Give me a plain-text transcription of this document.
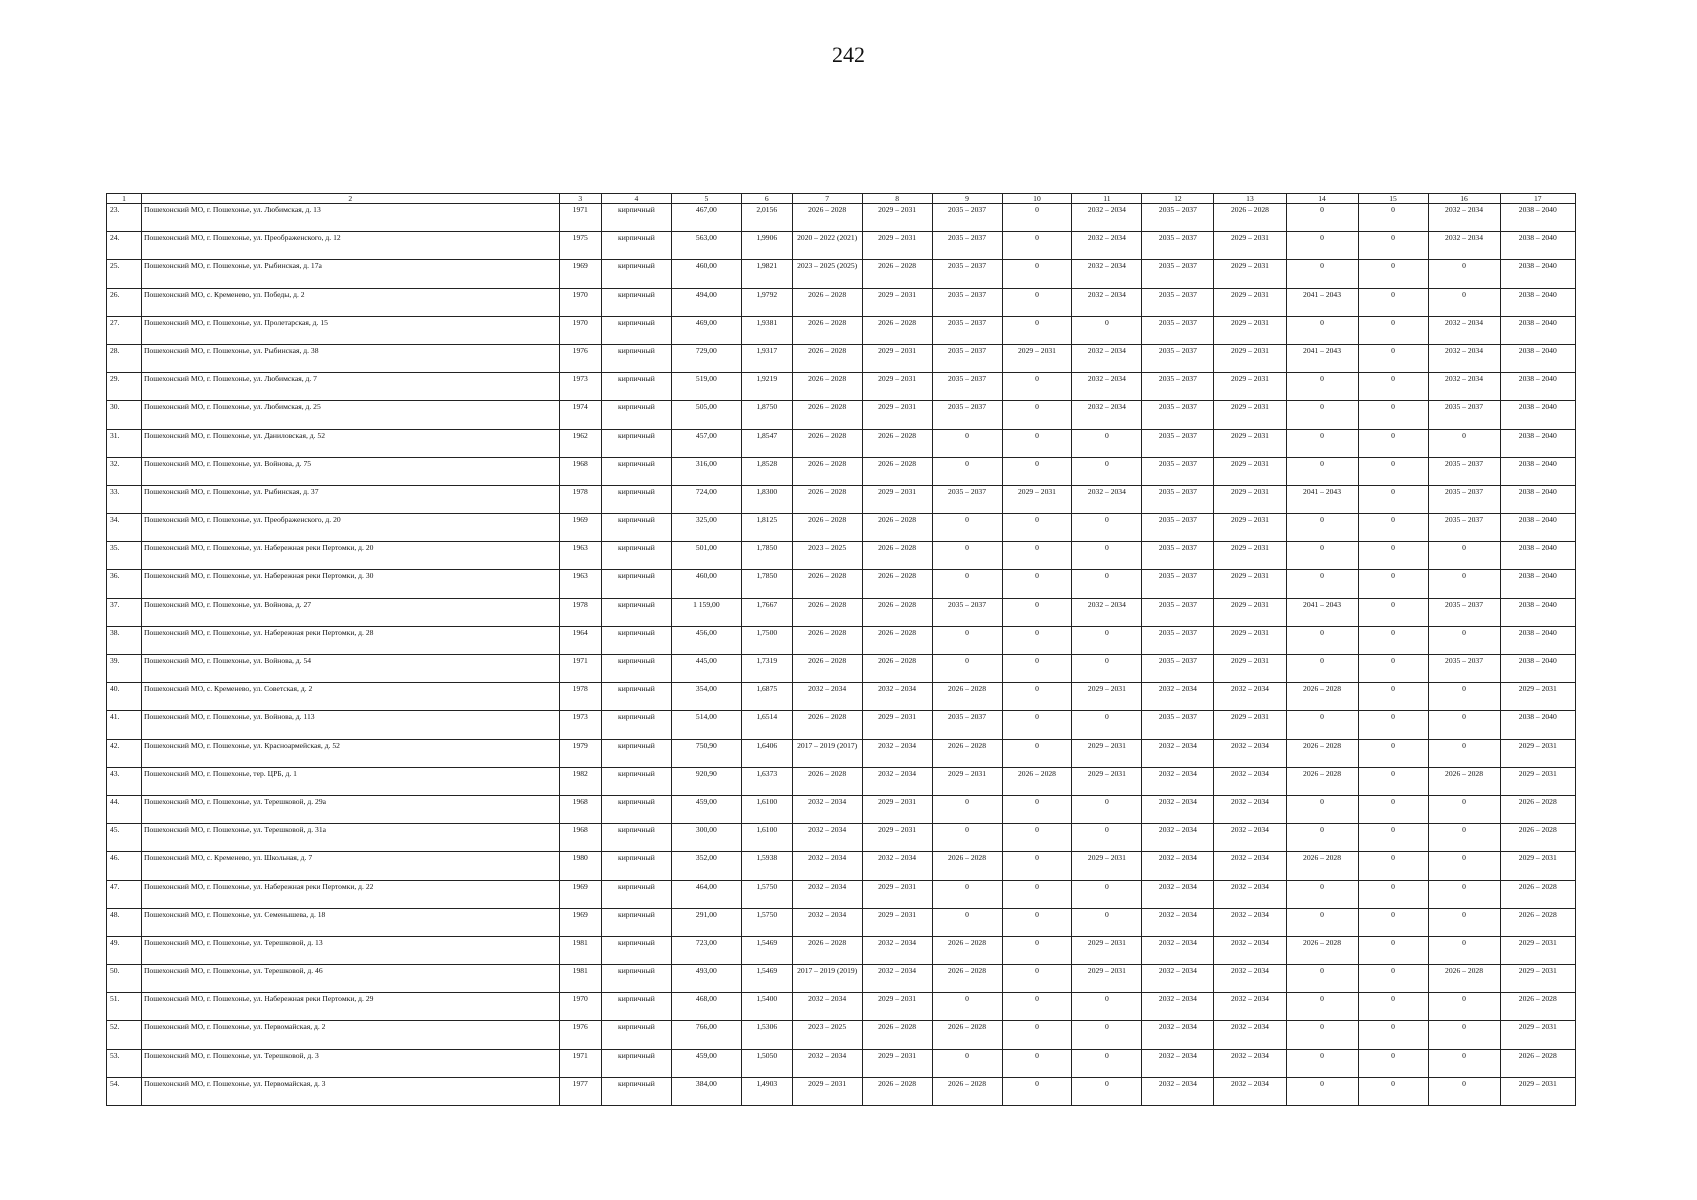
242
1	2	3	4	5	6	7	8	9	10	11	12	13	14	15	16	17
23.	Пошехонский МО, г. Пошехонье, ул. Любимская, д. 13	1971	кирпичный	467,00	2,0156	2026 – 2028	2029 – 2031	2035 – 2037	0	2032 – 2034	2035 – 2037	2026 – 2028	0	0	2032 – 2034	2038 – 2040
24.	Пошехонский МО, г. Пошехонье, ул. Преображенского, д. 12	1975	кирпичный	563,00	1,9906	2020 – 2022 (2021)	2029 – 2031	2035 – 2037	0	2032 – 2034	2035 – 2037	2029 – 2031	0	0	2032 – 2034	2038 – 2040
25.	Пошехонский МО, г. Пошехонье, ул. Рыбинская, д. 17а	1969	кирпичный	460,00	1,9821	2023 – 2025 (2025)	2026 – 2028	2035 – 2037	0	2032 – 2034	2035 – 2037	2029 – 2031	0	0	0	2038 – 2040
26.	Пошехонский МО, с. Кременево, ул. Победы, д. 2	1970	кирпичный	494,00	1,9792	2026 – 2028	2029 – 2031	2035 – 2037	0	2032 – 2034	2035 – 2037	2029 – 2031	2041 – 2043	0	0	2038 – 2040
27.	Пошехонский МО, г. Пошехонье, ул. Пролетарская, д. 15	1970	кирпичный	469,00	1,9381	2026 – 2028	2026 – 2028	2035 – 2037	0	0	2035 – 2037	2029 – 2031	0	0	2032 – 2034	2038 – 2040
28.	Пошехонский МО, г. Пошехонье, ул. Рыбинская, д. 38	1976	кирпичный	729,00	1,9317	2026 – 2028	2029 – 2031	2035 – 2037	2029 – 2031	2032 – 2034	2035 – 2037	2029 – 2031	2041 – 2043	0	2032 – 2034	2038 – 2040
29.	Пошехонский МО, г. Пошехонье, ул. Любимская, д. 7	1973	кирпичный	519,00	1,9219	2026 – 2028	2029 – 2031	2035 – 2037	0	2032 – 2034	2035 – 2037	2029 – 2031	0	0	2032 – 2034	2038 – 2040
30.	Пошехонский МО, г. Пошехонье, ул. Любимская, д. 25	1974	кирпичный	505,00	1,8750	2026 – 2028	2029 – 2031	2035 – 2037	0	2032 – 2034	2035 – 2037	2029 – 2031	0	0	2035 – 2037	2038 – 2040
31.	Пошехонский МО, г. Пошехонье, ул. Даниловская, д. 52	1962	кирпичный	457,00	1,8547	2026 – 2028	2026 – 2028	0	0	0	2035 – 2037	2029 – 2031	0	0	0	2038 – 2040
32.	Пошехонский МО, г. Пошехонье, ул. Войнова, д. 75	1968	кирпичный	316,00	1,8528	2026 – 2028	2026 – 2028	0	0	0	2035 – 2037	2029 – 2031	0	0	2035 – 2037	2038 – 2040
33.	Пошехонский МО, г. Пошехонье, ул. Рыбинская, д. 37	1978	кирпичный	724,00	1,8300	2026 – 2028	2029 – 2031	2035 – 2037	2029 – 2031	2032 – 2034	2035 – 2037	2029 – 2031	2041 – 2043	0	2035 – 2037	2038 – 2040
34.	Пошехонский МО, г. Пошехонье, ул. Преображенского, д. 20	1969	кирпичный	325,00	1,8125	2026 – 2028	2026 – 2028	0	0	0	2035 – 2037	2029 – 2031	0	0	2035 – 2037	2038 – 2040
35.	Пошехонский МО, г. Пошехонье, ул. Набережная реки Пертомки, д. 20	1963	кирпичный	501,00	1,7850	2023 – 2025	2026 – 2028	0	0	0	2035 – 2037	2029 – 2031	0	0	0	2038 – 2040
36.	Пошехонский МО, г. Пошехонье, ул. Набережная реки Пертомки, д. 30	1963	кирпичный	460,00	1,7850	2026 – 2028	2026 – 2028	0	0	0	2035 – 2037	2029 – 2031	0	0	0	2038 – 2040
37.	Пошехонский МО, г. Пошехонье, ул. Войнова, д. 27	1978	кирпичный	1 159,00	1,7667	2026 – 2028	2026 – 2028	2035 – 2037	0	2032 – 2034	2035 – 2037	2029 – 2031	2041 – 2043	0	2035 – 2037	2038 – 2040
38.	Пошехонский МО, г. Пошехонье, ул. Набережная реки Пертомки, д. 28	1964	кирпичный	456,00	1,7500	2026 – 2028	2026 – 2028	0	0	0	2035 – 2037	2029 – 2031	0	0	0	2038 – 2040
39.	Пошехонский МО, г. Пошехонье, ул. Войнова, д. 54	1971	кирпичный	445,00	1,7319	2026 – 2028	2026 – 2028	0	0	0	2035 – 2037	2029 – 2031	0	0	2035 – 2037	2038 – 2040
40.	Пошехонский МО, с. Кременево, ул. Советская, д. 2	1978	кирпичный	354,00	1,6875	2032 – 2034	2032 – 2034	2026 – 2028	0	2029 – 2031	2032 – 2034	2032 – 2034	2026 – 2028	0	0	2029 – 2031
41.	Пошехонский МО, г. Пошехонье, ул. Войнова, д. 113	1973	кирпичный	514,00	1,6514	2026 – 2028	2029 – 2031	2035 – 2037	0	0	2035 – 2037	2029 – 2031	0	0	0	2038 – 2040
42.	Пошехонский МО, г. Пошехонье, ул. Красноармейская, д. 52	1979	кирпичный	750,90	1,6406	2017 – 2019 (2017)	2032 – 2034	2026 – 2028	0	2029 – 2031	2032 – 2034	2032 – 2034	2026 – 2028	0	0	2029 – 2031
43.	Пошехонский МО, г. Пошехонье, тер. ЦРБ, д. 1	1982	кирпичный	920,90	1,6373	2026 – 2028	2032 – 2034	2029 – 2031	2026 – 2028	2029 – 2031	2032 – 2034	2032 – 2034	2026 – 2028	0	2026 – 2028	2029 – 2031
44.	Пошехонский МО, г. Пошехонье, ул. Терешковой, д. 29а	1968	кирпичный	459,00	1,6100	2032 – 2034	2029 – 2031	0	0	0	2032 – 2034	2032 – 2034	0	0	0	2026 – 2028
45.	Пошехонский МО, г. Пошехонье, ул. Терешковой, д. 31а	1968	кирпичный	300,00	1,6100	2032 – 2034	2029 – 2031	0	0	0	2032 – 2034	2032 – 2034	0	0	0	2026 – 2028
46.	Пошехонский МО, с. Кременево, ул. Школьная, д. 7	1980	кирпичный	352,00	1,5938	2032 – 2034	2032 – 2034	2026 – 2028	0	2029 – 2031	2032 – 2034	2032 – 2034	2026 – 2028	0	0	2029 – 2031
47.	Пошехонский МО, г. Пошехонье, ул. Набережная реки Пертомки, д. 22	1969	кирпичный	464,00	1,5750	2032 – 2034	2029 – 2031	0	0	0	2032 – 2034	2032 – 2034	0	0	0	2026 – 2028
48.	Пошехонский МО, г. Пошехонье, ул. Семенышева, д. 18	1969	кирпичный	291,00	1,5750	2032 – 2034	2029 – 2031	0	0	0	2032 – 2034	2032 – 2034	0	0	0	2026 – 2028
49.	Пошехонский МО, г. Пошехонье, ул. Терешковой, д. 13	1981	кирпичный	723,00	1,5469	2026 – 2028	2032 – 2034	2026 – 2028	0	2029 – 2031	2032 – 2034	2032 – 2034	2026 – 2028	0	0	2029 – 2031
50.	Пошехонский МО, г. Пошехонье, ул. Терешковой, д. 46	1981	кирпичный	493,00	1,5469	2017 – 2019 (2019)	2032 – 2034	2026 – 2028	0	2029 – 2031	2032 – 2034	2032 – 2034	0	0	2026 – 2028	2029 – 2031
51.	Пошехонский МО, г. Пошехонье, ул. Набережная реки Пертомки, д. 29	1970	кирпичный	468,00	1,5400	2032 – 2034	2029 – 2031	0	0	0	2032 – 2034	2032 – 2034	0	0	0	2026 – 2028
52.	Пошехонский МО, г. Пошехонье, ул. Первомайская, д. 2	1976	кирпичный	766,00	1,5306	2023 – 2025	2026 – 2028	2026 – 2028	0	0	2032 – 2034	2032 – 2034	0	0	0	2029 – 2031
53.	Пошехонский МО, г. Пошехонье, ул. Терешковой, д. 3	1971	кирпичный	459,00	1,5050	2032 – 2034	2029 – 2031	0	0	0	2032 – 2034	2032 – 2034	0	0	0	2026 – 2028
54.	Пошехонский МО, г. Пошехонье, ул. Первомайская, д. 3	1977	кирпичный	384,00	1,4903	2029 – 2031	2026 – 2028	2026 – 2028	0	0	2032 – 2034	2032 – 2034	0	0	0	2029 – 2031
